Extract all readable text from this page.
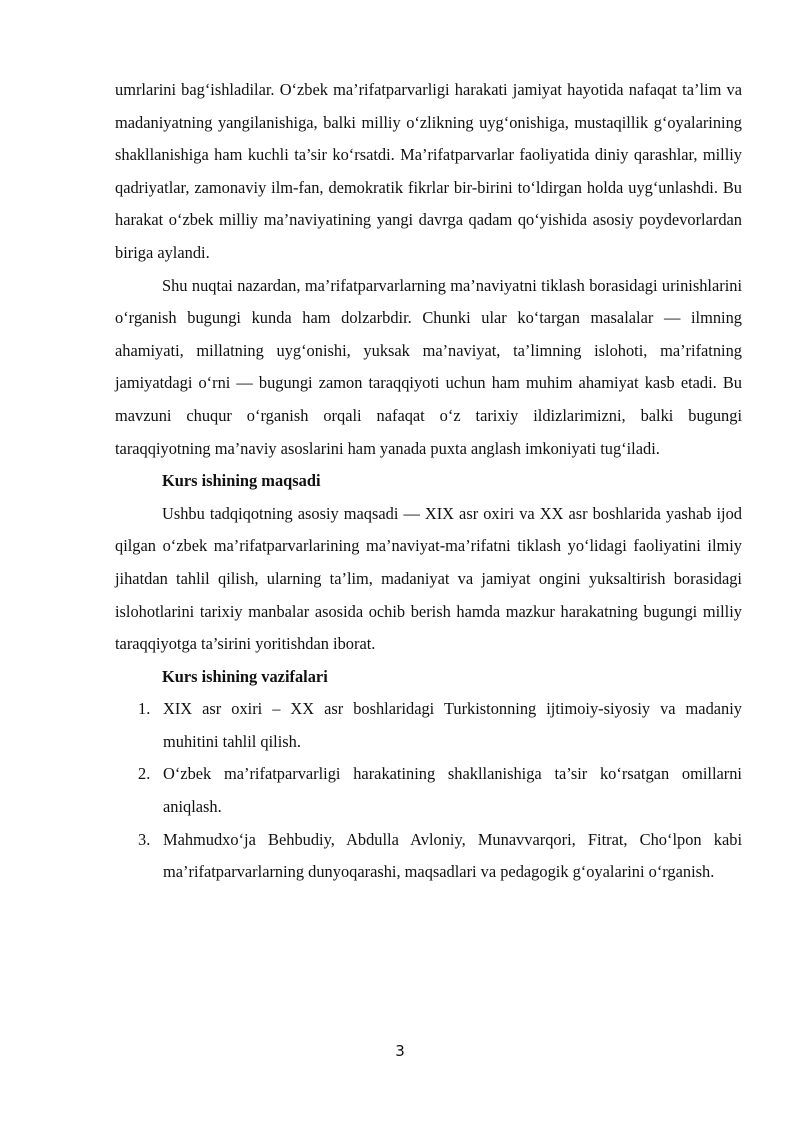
umrlarini bag‘ishladilar. O‘zbek ma’rifatparvarligi harakati jamiyat hayotida nafaqat ta’lim va madaniyatning yangilanishiga, balki milliy o‘zlikning uyg‘onishiga, mustaqillik g‘oyalarining shakllanishiga ham kuchli ta’sir ko‘rsatdi. Ma’rifatparvarlar faoliyatida diniy qarashlar, milliy qadriyatlar, zamonaviy ilm-fan, demokratik fikrlar bir-birini to‘ldirgan holda uyg‘unlashdi. Bu harakat o‘zbek milliy ma’naviyatining yangi davrga qadam qo‘yishida asosiy poydevorlardan biriga aylandi.

Shu nuqtai nazardan, ma’rifatparvarlarning ma’naviyatni tiklash borasidagi urinishlarini o‘rganish bugungi kunda ham dolzarbdir. Chunki ular ko‘targan masalalar — ilmning ahamiyati, millatning uyg‘onishi, yuksak ma’naviyat, ta’limning islohoti, ma’rifatning jamiyatdagi o‘rni — bugungi zamon taraqqiyoti uchun ham muhim ahamiyat kasb etadi. Bu mavzuni chuqur o‘rganish orqali nafaqat o‘z tarixiy ildizlarimizni, balki bugungi taraqqiyotning ma’naviy asoslarini ham yanada puxta anglash imkoniyati tug‘iladi.

Kurs ishining maqsadi

Ushbu tadqiqotning asosiy maqsadi — XIX asr oxiri va XX asr boshlarida yashab ijod qilgan o‘zbek ma’rifatparvarlarining ma’naviyat-ma’rifatni tiklash yo‘lidagi faoliyatini ilmiy jihatdan tahlil qilish, ularning ta’lim, madaniyat va jamiyat ongini yuksaltirish borasidagi islohotlarini tarixiy manbalar asosida ochib berish hamda mazkur harakatning bugungi milliy taraqqiyotga ta’sirini yoritishdan iborat.

Kurs ishining vazifalari

1. XIX asr oxiri – XX asr boshlaridagi Turkistonning ijtimoiy-siyosiy va madaniy muhitini tahlil qilish.
2. O‘zbek ma’rifatparvarligi harakatining shakllanishiga ta’sir ko‘rsatgan omillarni aniqlash.
3. Mahmudxo‘ja Behbudiy, Abdulla Avloniy, Munavvarqori, Fitrat, Cho‘lpon kabi ma’rifatparvarlarning dunyoqarashi, maqsadlari va pedagogik g‘oyalarini o‘rganish.
3
